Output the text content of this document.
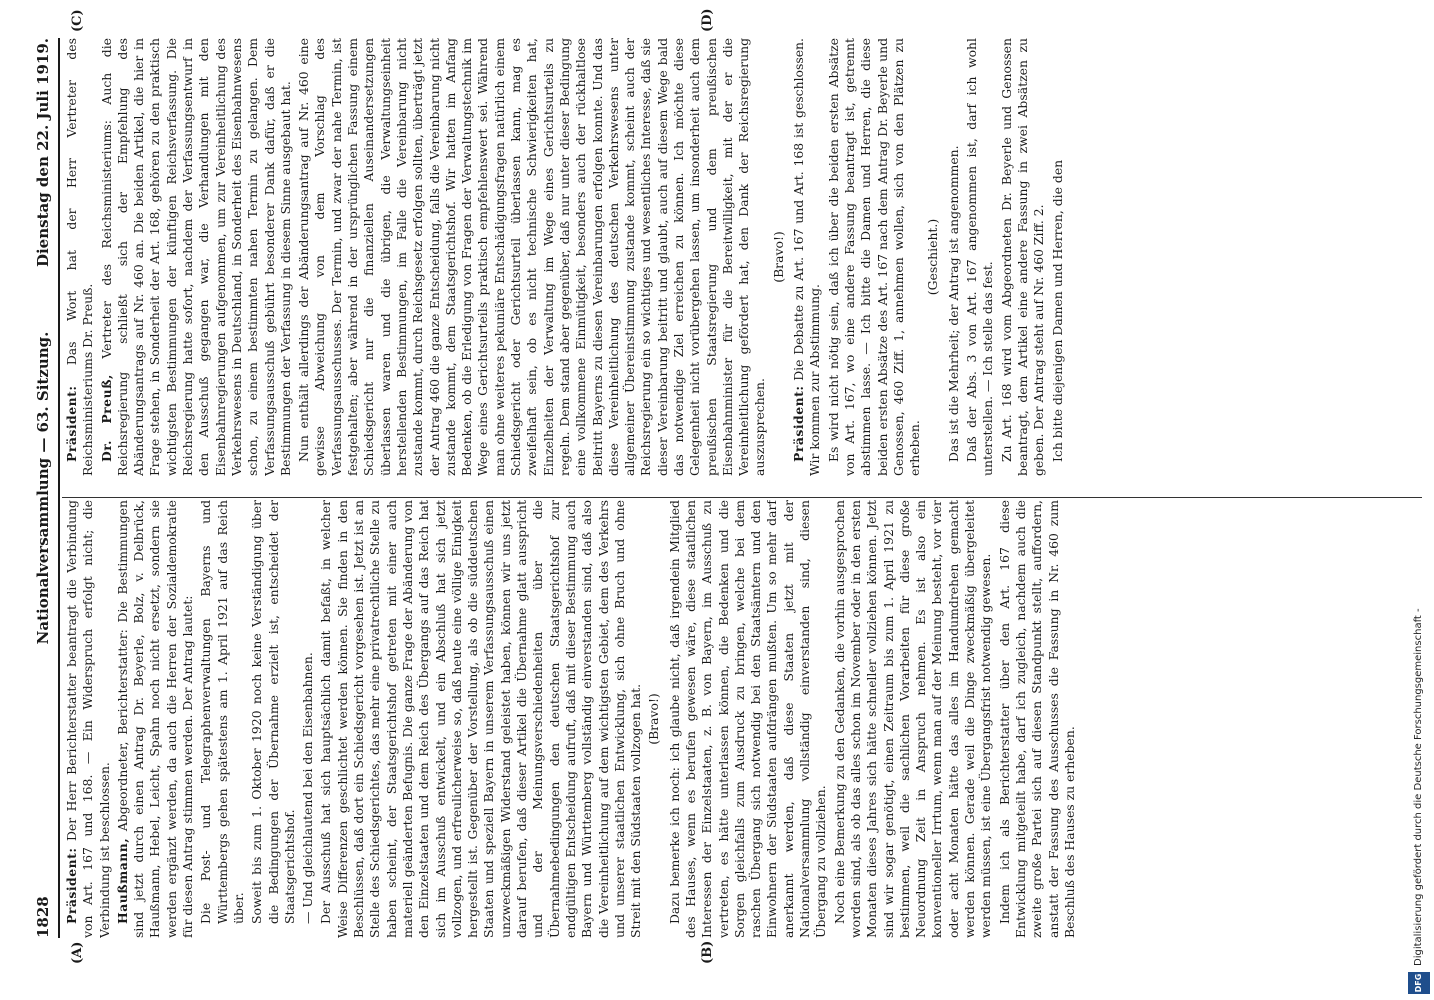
1828
Nationalversammlung — 63. Sitzung.
Dienstag den 22. Juli 1919.
(A)	(B)
(C)	(D)

Präsident: Der Herr Berichterstatter beantragt die Verbindung von Art. 167 und 168. — Ein Widerspruch erfolgt nicht; die Verbindung ist beschlossen. Haußmann, Abgeordneter, Berichterstatter: Die Bestimmungen sind jetzt durch einen Antrag Dr. Beyerle, Bolz, v. Delbrück, Haußmann, Hebel, Leicht, Spahn noch nicht ersetzt, sondern sie werden ergänzt werden, da auch die Herren der Sozialdemokratie für diesen Antrag stimmen werden. Der Antrag lautet: Die Post- und Telegraphenverwaltungen Bayerns und Württembergs gehen spätestens am 1. April 1921 auf das Reich über. Soweit bis zum 1. Oktober 1920 noch keine Verständigung über die Bedingungen der Übernahme erzielt ist, entscheidet der Staatsgerichtshof. — Und gleichlautend bei den Eisenbahnen. Der Ausschuß hat sich hauptsächlich damit befaßt, in welcher Weise Differenzen geschlichtet werden können. Sie finden in den Beschlüssen, daß dort ein Schiedsgericht vorgesehen ist. Jetzt ist an Stelle des Schiedsgerichtes, das mehr eine privatrechtliche Stelle zu haben scheint, der Staatsgerichtshof getreten mit einer auch materiell geänderten Befugnis. Die ganze Frage der Abänderung von den Einzelstaaten und dem Reich des Übergangs auf das Reich hat sich im Ausschuß entwickelt, und ein Abschluß hat sich jetzt vollzogen, und erfreulicherweise so, daß heute eine völlige Einigkeit hergestellt ist. Gegenüber der Vorstellung, als ob die süddeutschen Staaten und speziell Bayern in unserem Verfassungsausschuß einen unzweckmäßigen Widerstand geleistet haben, können wir uns jetzt darauf berufen, daß dieser Artikel die Übernahme glatt ausspricht und der Meinungsverschiedenheiten über die Übernahmebedingungen den deutschen Staatsgerichtshof zur endgültigen Entscheidung aufruft, daß mit dieser Bestimmung auch Bayern und Württemberg vollständig einverstanden sind, daß also die Vereinheitlichung auf dem wichtigsten Gebiet, dem des Verkehrs und unserer staatlichen Entwicklung, sich ohne Bruch und ohne Streit mit den Südstaaten vollzogen hat. (Bravo!) Dazu bemerke ich noch: ich glaube nicht, daß irgendein Mitglied des Hauses, wenn es berufen gewesen wäre, diese staatlichen Interessen der Einzelstaaten, z. B. von Bayern, im Ausschuß zu vertreten, es hätte unterlassen können, die Bedenken und die Sorgen gleichfalls zum Ausdruck zu bringen, welche bei dem raschen Übergang sich notwendig bei den Staatsämtern und den Einwohnern der Südstaaten aufdrängen mußten. Um so mehr darf anerkannt werden, daß diese Staaten jetzt mit der Nationalversammlung vollständig einverstanden sind, diesen Übergang zu vollziehen. Noch eine Bemerkung zu den Gedanken, die vorhin ausgesprochen worden sind, als ob das alles schon im November oder in den ersten Monaten dieses Jahres sich hätte schneller vollziehen können. Jetzt sind wir sogar genötigt, einen Zeitraum bis zum 1. April 1921 zu bestimmen, weil die sachlichen Vorarbeiten für diese große Neuordnung Zeit in Anspruch nehmen. Es ist also ein konventioneller Irrtum, wenn man auf der Meinung besteht, vor vier oder acht Monaten hätte das alles im Handumdrehen gemacht werden können. Gerade weil die Dinge zweckmäßig übergeleitet werden müssen, ist eine Übergangsfrist notwendig gewesen. Indem ich als Berichterstatter über den Art. 167 diese Entwicklung mitgeteilt habe, darf ich zugleich, nachdem auch die zweite große Partei sich auf diesen Standpunkt stellt, auffordern, anstatt der Fassung des Ausschusses die Fassung in Nr. 460 zum Beschluß des Hauses zu erheben.

Präsident: Das Wort hat der Herr Vertreter des Reichsministeriums Dr. Preuß. Dr. Preuß, Vertreter des Reichsministeriums: Auch die Reichsregierung schließt sich der Empfehlung des Abänderungsantrags auf Nr. 460 an. Die beiden Artikel, die hier in Frage stehen, in Sonderheit der Art. 168, gehören zu den praktisch wichtigsten Bestimmungen der künftigen Reichsverfassung. Die Reichsregierung hatte sofort, nachdem der Verfassungsentwurf in den Ausschuß gegangen war, die Verhandlungen mit den Eisenbahnregierungen aufgenommen, um zur Vereinheitlichung des Verkehrswesens in Deutschland, in Sonderheit des Eisenbahnwesens schon, zu einem bestimmten nahen Termin zu gelangen. Dem Verfassungsausschuß gebührt besonderer Dank dafür, daß er die Bestimmungen der Verfassung in diesem Sinne ausgebaut hat. Nun enthält allerdings der Abänderungsantrag auf Nr. 460 eine gewisse Abweichung von dem Vorschlag des Verfassungsausschusses. Der Termin, und zwar der nahe Termin, ist festgehalten; aber während in der ursprünglichen Fassung einem Schiedsgericht nur die finanziellen Auseinandersetzungen überlassen waren und die übrigen, die Verwaltungseinheit herstellenden Bestimmungen, im Falle die Vereinbarung nicht zustande kommt, durch Reichsgesetz erfolgen sollten, überträgt jetzt der Antrag 460 die ganze Entscheidung, falls die Vereinbarung nicht zustande kommt, dem Staatsgerichtshof. Wir hatten im Anfang Bedenken, ob die Erledigung von Fragen der Verwaltungstechnik im Wege eines Gerichtsurteils praktisch empfehlenswert sei. Während man ohne weiteres pekuniäre Entschädigungsfragen natürlich einem Schiedsgericht oder Gerichtsurteil überlassen kann, mag es zweifelhaft sein, ob es nicht technische Schwierigkeiten hat, Einzelheiten der Verwaltung im Wege eines Gerichtsurteils zu regeln. Dem stand aber gegenüber, daß nur unter dieser Bedingung eine vollkommene Einmütigkeit, besonders auch der rückhaltlose Beitritt Bayerns zu diesen Vereinbarungen erfolgen konnte. Und das diese Vereinheitlichung des deutschen Verkehrswesens unter allgemeiner Übereinstimmung zustande kommt, scheint auch der Reichsregierung ein so wichtiges und wesentliches Interesse, daß sie dieser Vereinbarung beitritt und glaubt, auch auf diesem Wege bald das notwendige Ziel erreichen zu können. Ich möchte diese Gelegenheit nicht vorübergehen lassen, um insonderheit auch dem preußischen Staatsregierung und dem preußischen Eisenbahnminister für die Bereitwilligkeit, mit der er die Vereinheitlichung gefördert hat, den Dank der Reichsregierung auszusprechen.

(Bravo!)

Präsident: Die Debatte zu Art. 167 und Art. 168 ist geschlossen. Wir kommen zur Abstimmung. Es wird nicht nötig sein, daß ich über die beiden ersten Absätze von Art. 167, wo eine andere Fassung beantragt ist, getrennt abstimmen lasse. — Ich bitte die Damen und Herren, die diese beiden ersten Absätze des Art. 167 nach dem Antrag Dr. Beyerle und Genossen, 460 Ziff. 1, annehmen wollen, sich von den Plätzen zu erheben.

(Geschieht.) Das ist die Mehrheit; der Antrag ist angenommen. Daß der Abs. 3 von Art. 167 angenommen ist, darf ich wohl unterstellen. — Ich stelle das fest. Zu Art. 168 wird vom Abgeordneten Dr. Beyerle und Genossen beantragt, dem Artikel eine andere Fassung in zwei Absätzen zu geben. Der Antrag steht auf Nr. 460 Ziff. 2. Ich bitte diejenigen Damen und Herren, die den

DFG
Digitalisierung gefördert durch die Deutsche Forschungsgemeinschaft -
